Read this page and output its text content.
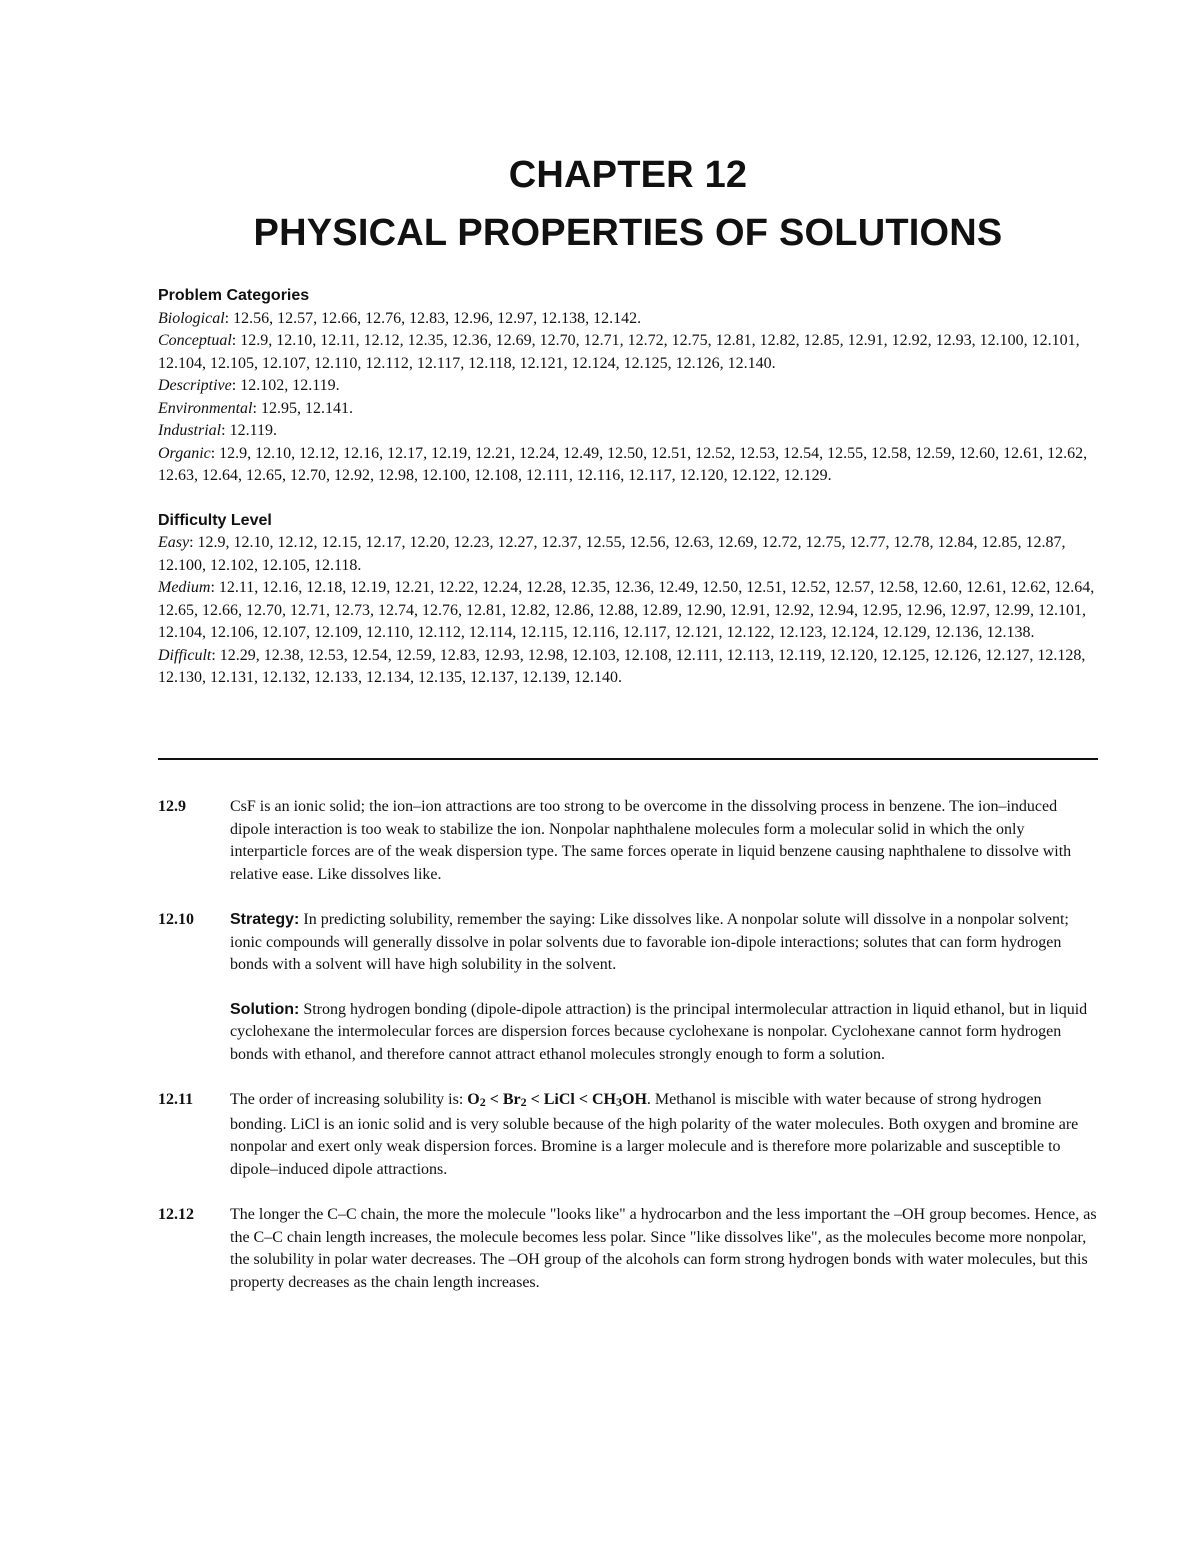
CHAPTER 12
PHYSICAL PROPERTIES OF SOLUTIONS
Problem Categories

Biological: 12.56, 12.57, 12.66, 12.76, 12.83, 12.96, 12.97, 12.138, 12.142.

Conceptual: 12.9, 12.10, 12.11, 12.12, 12.35, 12.36, 12.69, 12.70, 12.71, 12.72, 12.75, 12.81, 12.82, 12.85, 12.91, 12.92, 12.93, 12.100, 12.101, 12.104, 12.105, 12.107, 12.110, 12.112, 12.117, 12.118, 12.121, 12.124, 12.125, 12.126, 12.140.

Descriptive: 12.102, 12.119.

Environmental: 12.95, 12.141.

Industrial: 12.119.

Organic: 12.9, 12.10, 12.12, 12.16, 12.17, 12.19, 12.21, 12.24, 12.49, 12.50, 12.51, 12.52, 12.53, 12.54, 12.55, 12.58, 12.59, 12.60, 12.61, 12.62, 12.63, 12.64, 12.65, 12.70, 12.92, 12.98, 12.100, 12.108, 12.111, 12.116, 12.117, 12.120, 12.122, 12.129.

Difficulty Level

Easy: 12.9, 12.10, 12.12, 12.15, 12.17, 12.20, 12.23, 12.27, 12.37, 12.55, 12.56, 12.63, 12.69, 12.72, 12.75, 12.77, 12.78, 12.84, 12.85, 12.87, 12.100, 12.102, 12.105, 12.118.

Medium: 12.11, 12.16, 12.18, 12.19, 12.21, 12.22, 12.24, 12.28, 12.35, 12.36, 12.49, 12.50, 12.51, 12.52, 12.57, 12.58, 12.60, 12.61, 12.62, 12.64, 12.65, 12.66, 12.70, 12.71, 12.73, 12.74, 12.76, 12.81, 12.82, 12.86, 12.88, 12.89, 12.90, 12.91, 12.92, 12.94, 12.95, 12.96, 12.97, 12.99, 12.101, 12.104, 12.106, 12.107, 12.109, 12.110, 12.112, 12.114, 12.115, 12.116, 12.117, 12.121, 12.122, 12.123, 12.124, 12.129, 12.136, 12.138.

Difficult: 12.29, 12.38, 12.53, 12.54, 12.59, 12.83, 12.93, 12.98, 12.103, 12.108, 12.111, 12.113, 12.119, 12.120, 12.125, 12.126, 12.127, 12.128, 12.130, 12.131, 12.132, 12.133, 12.134, 12.135, 12.137, 12.139, 12.140.

12.9	CsF is an ionic solid; the ion–ion attractions are too strong to be overcome in the dissolving process in benzene. The ion–induced dipole interaction is too weak to stabilize the ion. Nonpolar naphthalene molecules form a molecular solid in which the only interparticle forces are of the weak dispersion type. The same forces operate in liquid benzene causing naphthalene to dissolve with relative ease. Like dissolves like.

12.10	Strategy: In predicting solubility, remember the saying: Like dissolves like. A nonpolar solute will dissolve in a nonpolar solvent; ionic compounds will generally dissolve in polar solvents due to favorable ion-dipole interactions; solutes that can form hydrogen bonds with a solvent will have high solubility in the solvent.

Solution: Strong hydrogen bonding (dipole-dipole attraction) is the principal intermolecular attraction in liquid ethanol, but in liquid cyclohexane the intermolecular forces are dispersion forces because cyclohexane is nonpolar. Cyclohexane cannot form hydrogen bonds with ethanol, and therefore cannot attract ethanol molecules strongly enough to form a solution.

12.11	The order of increasing solubility is: $O_2 < Br_2$ < LiCl < $CH_3OH$. Methanol is miscible with water because of strong hydrogen bonding. LiCl is an ionic solid and is very soluble because of the high polarity of the water molecules. Both oxygen and bromine are nonpolar and exert only weak dispersion forces. Bromine is a larger molecule and is therefore more polarizable and susceptible to dipole–induced dipole attractions.

12.12	The longer the C–C chain, the more the molecule "looks like" a hydrocarbon and the less important the –OH group becomes. Hence, as the C–C chain length increases, the molecule becomes less polar. Since "like dissolves like", as the molecules become more nonpolar, the solubility in polar water decreases. The –OH group of the alcohols can form strong hydrogen bonds with water molecules, but this property decreases as the chain length increases.
